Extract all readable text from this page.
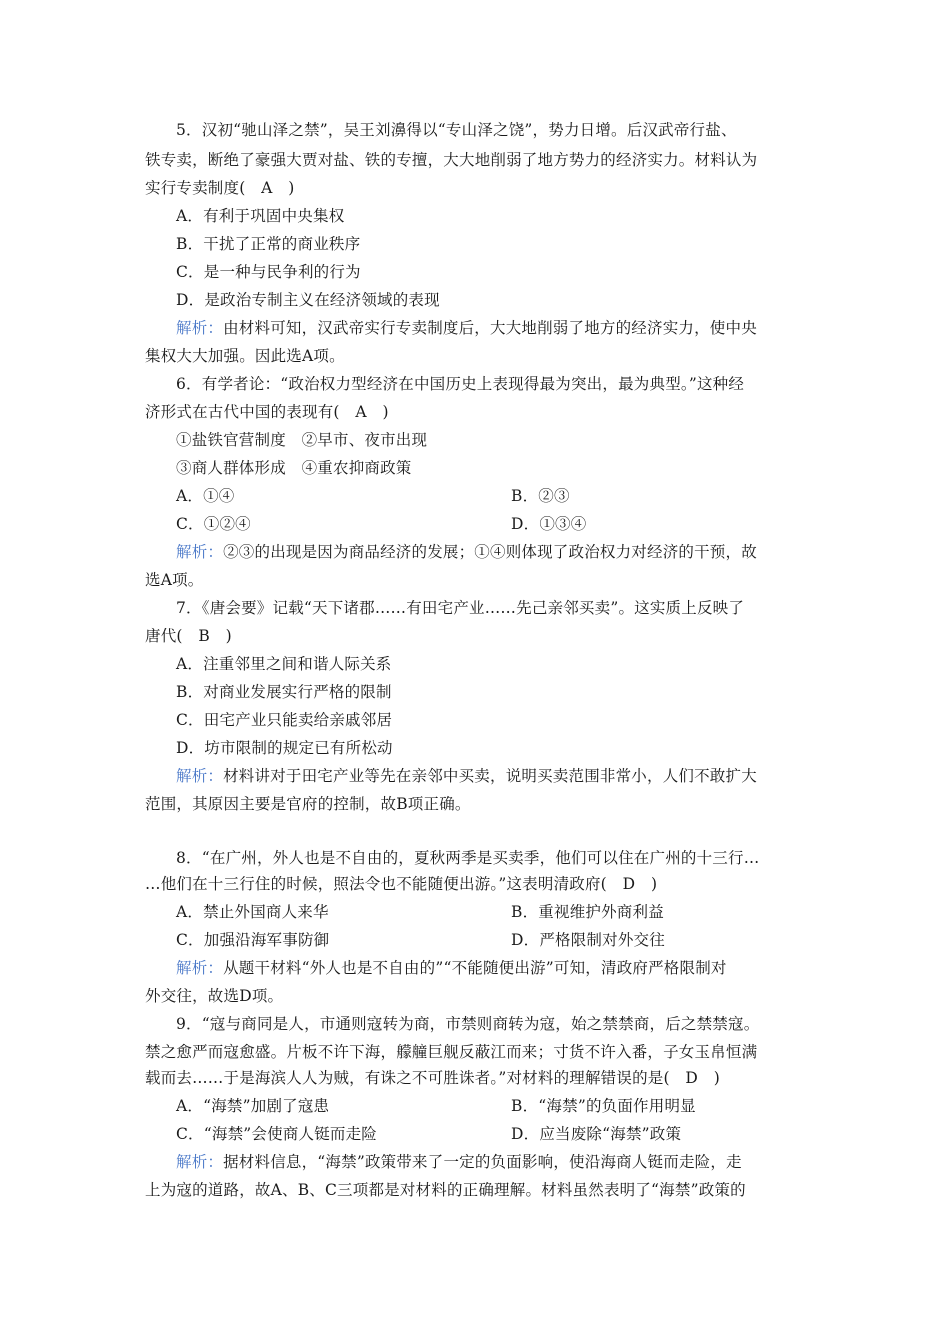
5．汉初“驰山泽之禁”，吴王刘濞得以“专山泽之饶”，势力日增。后汉武帝行盐、
铁专卖，断绝了豪强大贾对盐、铁的专擅，大大地削弱了地方势力的经济实力。材料认为
实行专卖制度(　A　)
A．有利于巩固中央集权
B．干扰了正常的商业秩序
C．是一种与民争利的行为
D．是政治专制主义在经济领域的表现
解析：由材料可知，汉武帝实行专卖制度后，大大地削弱了地方的经济实力，使中央
集权大大加强。因此选A项。
6．有学者论：“政治权力型经济在中国历史上表现得最为突出，最为典型。”这种经
济形式在古代中国的表现有(　A　)
①盐铁官营制度　②早市、夜市出现
③商人群体形成　④重农抑商政策
A．①④	B．②③
C．①②④	D．①③④
解析：②③的出现是因为商品经济的发展；①④则体现了政治权力对经济的干预，故
选A项。
7．《唐会要》记载“天下诸郡……有田宅产业……先己亲邻买卖”。这实质上反映了
唐代(　B　)
A．注重邻里之间和谐人际关系
B．对商业发展实行严格的限制
C．田宅产业只能卖给亲戚邻居
D．坊市限制的规定已有所松动
解析：材料讲对于田宅产业等先在亲邻中买卖，说明买卖范围非常小，人们不敢扩大
范围，其原因主要是官府的控制，故B项正确。
8．“在广州，外人也是不自由的，夏秋两季是买卖季，他们可以住在广州的十三行…
…他们在十三行住的时候，照法令也不能随便出游。”这表明清政府(　D　)
A．禁止外国商人来华	B．重视维护外商利益
C．加强沿海军事防御	D．严格限制对外交往
解析：从题干材料“外人也是不自由的”“不能随便出游”可知，清政府严格限制对
外交往，故选D项。
9．“寇与商同是人，市通则寇转为商，市禁则商转为寇，始之禁禁商，后之禁禁寇。
禁之愈严而寇愈盛。片板不许下海，艨艟巨舰反蔽江而来；寸货不许入番，子女玉帛恒满
载而去……于是海滨人人为贼，有诛之不可胜诛者。”对材料的理解错误的是(　D　)
A．“海禁”加剧了寇患	B．“海禁”的负面作用明显
C．“海禁”会使商人铤而走险	D．应当废除“海禁”政策
解析：据材料信息，“海禁”政策带来了一定的负面影响，使沿海商人铤而走险，走
上为寇的道路，故A、B、C三项都是对材料的正确理解。材料虽然表明了“海禁”政策的
